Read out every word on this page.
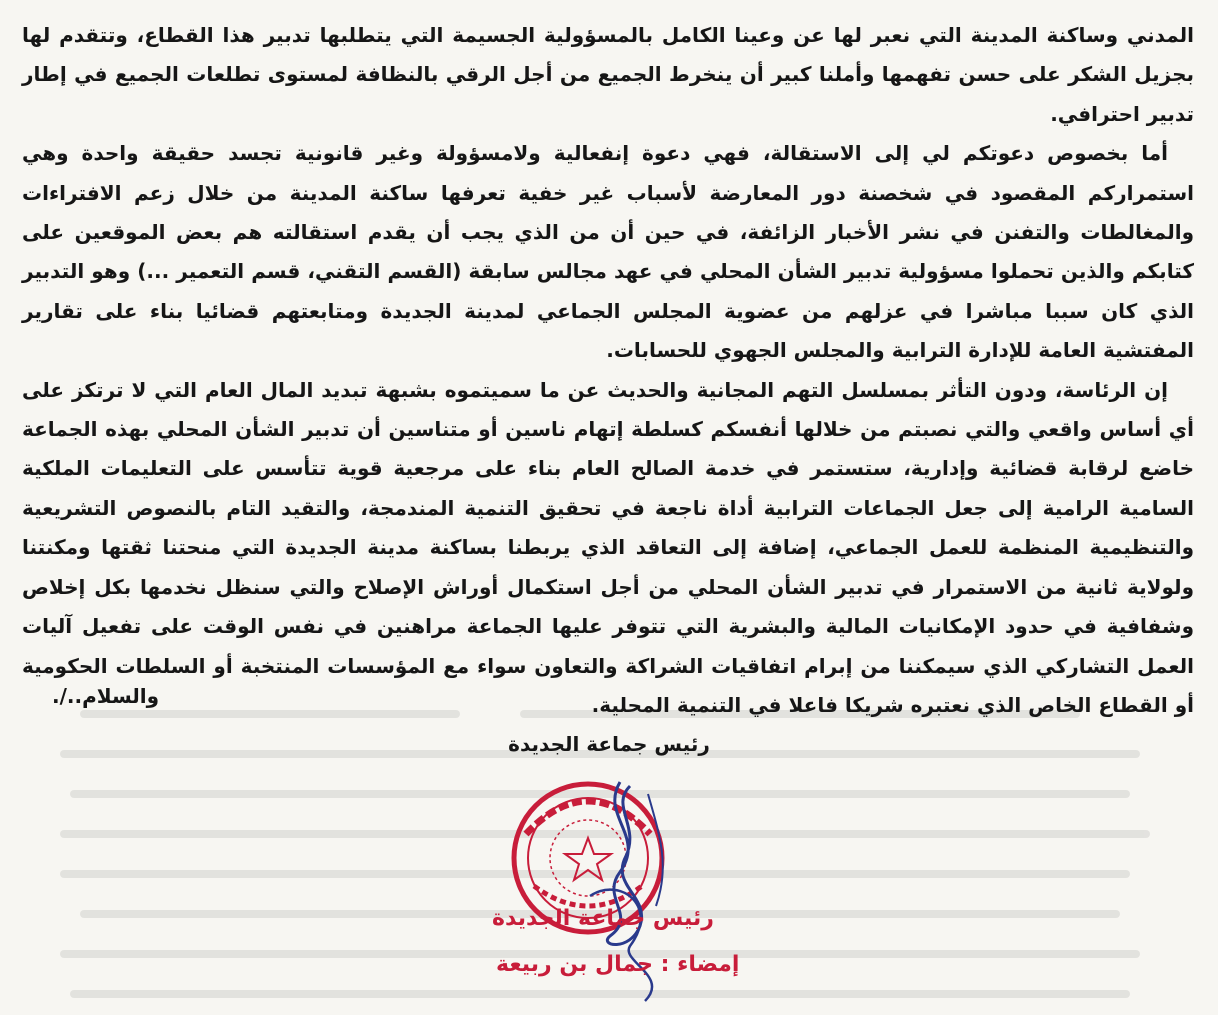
المدني وساكنة المدينة التي نعبر لها عن وعينا الكامل بالمسؤولية الجسيمة التي يتطلبها تدبير هذا القطاع، وتتقدم لها بجزيل الشكر على حسن تفهمها وأملنا كبير أن ينخرط الجميع من أجل الرقي بالنظافة لمستوى تطلعات الجميع في إطار تدبير احترافي.

أما بخصوص دعوتكم لي إلى الاستقالة، فهي دعوة إنفعالية ولامسؤولة وغير قانونية تجسد حقيقة واحدة وهي استمراركم المقصود في شخصنة دور المعارضة لأسباب غير خفية تعرفها ساكنة المدينة من خلال زعم الافتراءات والمغالطات والتفنن في نشر الأخبار الزائفة، في حين أن من الذي يجب أن يقدم استقالته هم بعض الموقعين على كتابكم والذين تحملوا مسؤولية تدبير الشأن المحلي في عهد مجالس سابقة (القسم التقني، قسم التعمير ...) وهو التدبير الذي كان سببا مباشرا في عزلهم من عضوية المجلس الجماعي لمدينة الجديدة ومتابعتهم قضائيا بناء على تقارير المفتشية العامة للإدارة الترابية والمجلس الجهوي للحسابات.

إن الرئاسة، ودون التأثر بمسلسل التهم المجانية والحديث عن ما سميتموه بشبهة تبديد المال العام التي لا ترتكز على أي أساس واقعي والتي نصبتم من خلالها أنفسكم كسلطة إتهام ناسين أو متناسين أن تدبير الشأن المحلي بهذه الجماعة خاضع لرقابة قضائية وإدارية، ستستمر في خدمة الصالح العام بناء على مرجعية قوية تتأسس على التعليمات الملكية السامية الرامية إلى جعل الجماعات الترابية أداة ناجعة في تحقيق التنمية المندمجة، والتقيد التام بالنصوص التشريعية والتنظيمية المنظمة للعمل الجماعي، إضافة إلى التعاقد الذي يربطنا بساكنة مدينة الجديدة التي منحتنا ثقتها ومكنتنا ولولاية ثانية من الاستمرار في تدبير الشأن المحلي من أجل استكمال أوراش الإصلاح والتي سنظل نخدمها بكل إخلاص وشفافية في حدود الإمكانيات المالية والبشرية التي تتوفر عليها الجماعة مراهنين في نفس الوقت على تفعيل آليات العمل التشاركي الذي سيمكننا من إبرام اتفاقيات الشراكة والتعاون سواء مع المؤسسات المنتخبة أو السلطات الحكومية أو القطاع الخاص الذي نعتبره شريكا فاعلا في التنمية المحلية.

والسلام../.
رئيس جماعة الجديدة
رئيس جماعة الجديدة
إمضاء : جمال بن ربيعة
